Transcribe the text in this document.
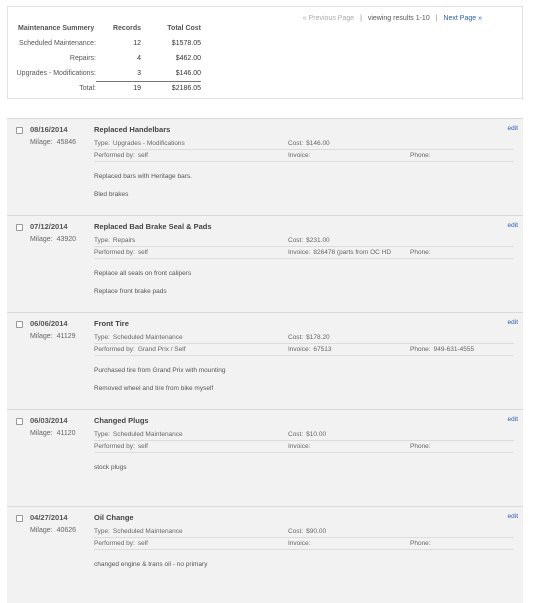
Maintenance Summery	Records	Total Cost
Scheduled Maintenance:	12	$1578.05
Repairs:	4	$462.00
Upgrades - Modifications:	3	$146.00
Total:	19	$2186.05
« Previous Page | viewing results 1-10 | Next Page »
08/16/2014
Milage: 45846
Replaced Handelbars	edit
Type: Upgrades - Modifications	Cost: $146.00
Performed by: self	Invoice:	Phone:
Replaced bars with Heritage bars.
Bled brakes
07/12/2014
Milage: 43920
Replaced Bad Brake Seal & Pads	edit
Type: Repairs	Cost: $231.00
Performed by: self	Invoice: 826478 (parts from OC HD	Phone:
Replace all seals on front calipers
Replace front brake pads
06/06/2014
Milage: 41129
Front Tire	edit
Type: Scheduled Maintenance	Cost: $178.20
Performed by: Grand Prix / Self	Invoice: 67513	Phone: 949-631-4555
Purchased tire from Grand Prix with mounting
Removed wheel and tire from bike myself
06/03/2014
Milage: 41120
Changed Plugs	edit
Type: Scheduled Maintenance	Cost: $10.00
Performed by: self	Invoice:	Phone:
stock plugs
04/27/2014
Milage: 40626
Oil Change	edit
Type: Scheduled Maintenance	Cost: $90.00
Performed by: self	Invoice:	Phone:
changed engine & trans oil - no primary
